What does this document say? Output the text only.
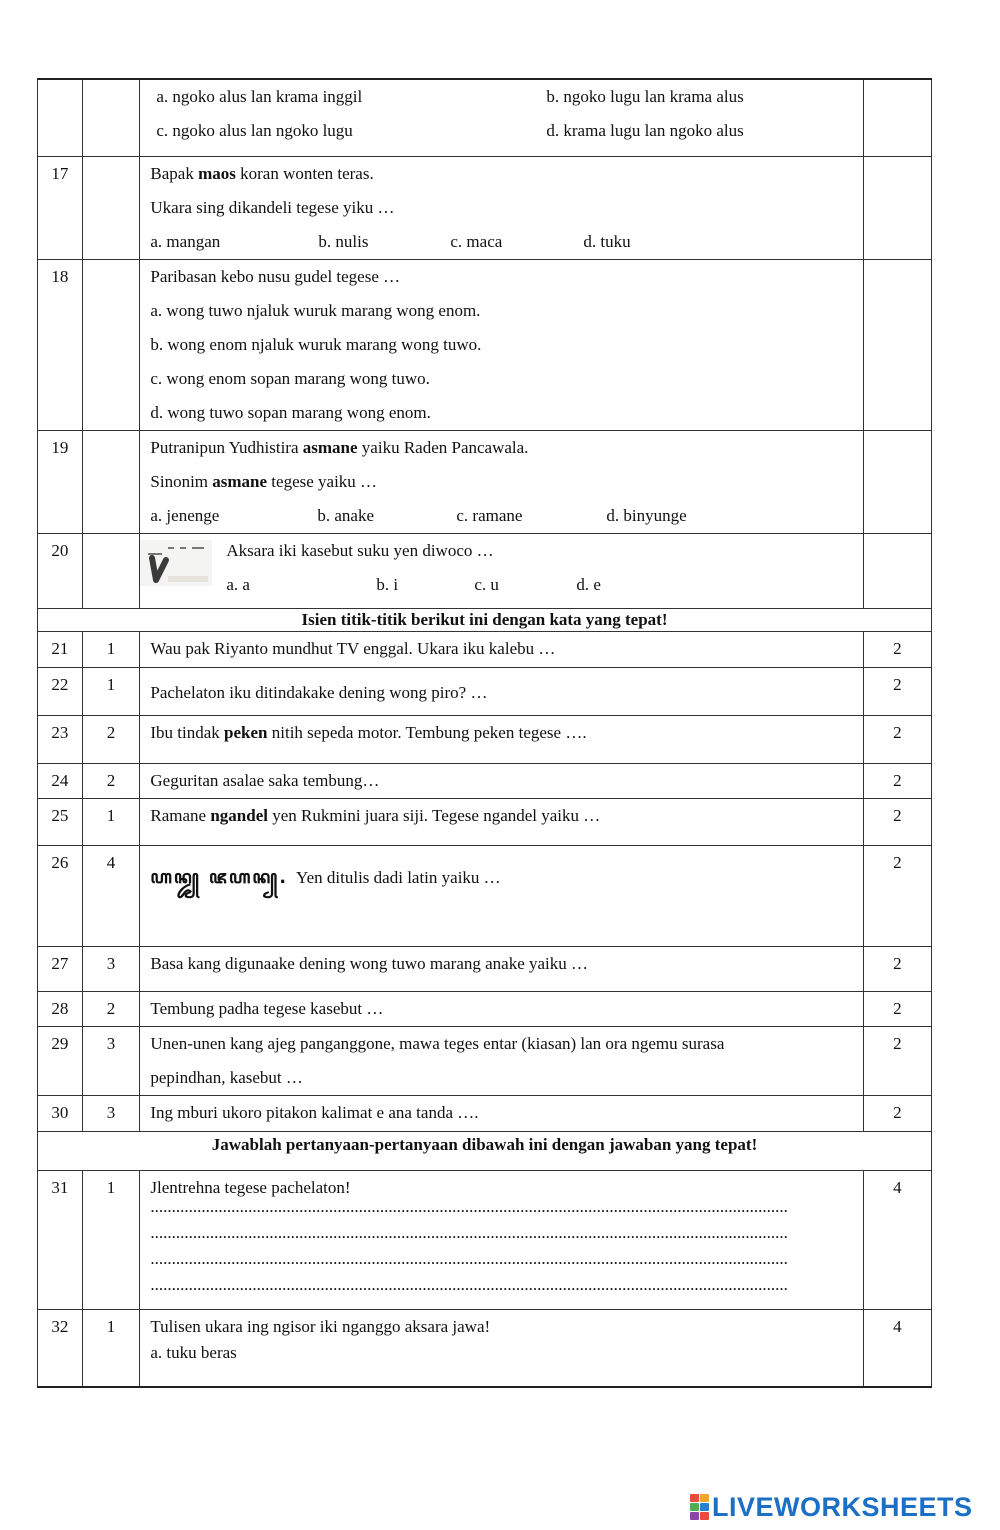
		a. ngoko alus lan krama inggil b. ngoko lugu lan krama alus
c. ngoko alus lan ngoko lugu d. krama lugu lan ngoko alus	

17		Bapak maos koran wonten teras.
Ukara sing dikandeli tegese yiku …
a. mangan b. nulis c. maca d. tuku	

18		Paribasan kebo nusu gudel tegese …
a. wong tuwo njaluk wuruk marang wong enom.
b. wong enom njaluk wuruk marang wong tuwo.
c. wong enom sopan marang wong tuwo.
d. wong tuwo sopan marang wong enom.	

19		Putranipun Yudhistira asmane yaiku Raden Pancawala.
Sinonim asmane tegese yaiku …
a. jenenge b. anake c. ramane d. binyunge	

20		Aksara iki kasebut suku yen diwoco …
a. a b. i c. u d. e	

Isien titik-titik berikut ini dengan kata yang tepat!			
21	1	Wau pak Riyanto mundhut TV enggal. Ukara iku kalebu …	2
22	1	Pachelaton iku ditindakake dening wong piro? …	2
23	2	Ibu tindak peken nitih sepeda motor. Tembung peken tegese ….	2
24	2	Geguritan asalae saka tembung…	2
25	1	Ramane ngandel yen Rukmini juara siji. Tegese ngandel yaiku …	2
26	4	ꦲꦤ꧀ꦢ꧀ ꦗꦲꦤ꧀. Yen ditulis dadi latin yaiku …	2
27	3	Basa kang digunaake dening wong tuwo marang anake yaiku …	2
28	2	Tembung padha tegese kasebut …	2
29	3	Unen-unen kang ajeg panganggone, mawa teges entar (kiasan) lan ora ngemu surasa
pepindhan, kasebut …	2
30	3	Ing mburi ukoro pitakon kalimat e ana tanda ….	2
Jawablah pertanyaan-pertanyaan dibawah ini dengan jawaban yang tepat!			
31	1	Jlentrehna tegese pachelaton!
......................................................................................................................................................
......................................................................................................................................................
......................................................................................................................................................
......................................................................................................................................................	4
32	1	Tulisen ukara ing ngisor iki nganggo aksara jawa!
a. tuku beras	4
LIVEWORKSHEETS
